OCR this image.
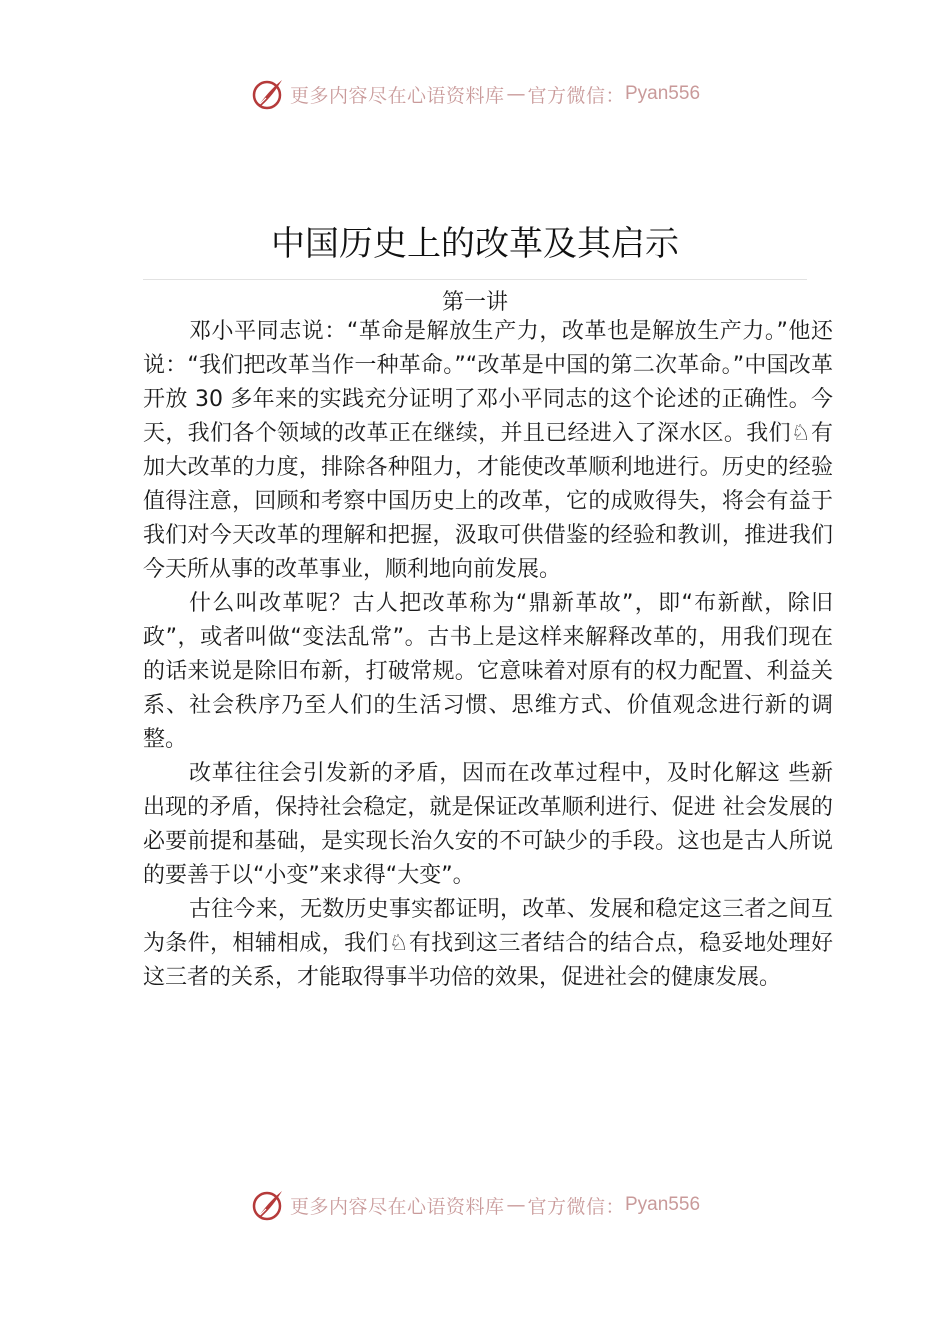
更多内容尽在心语资料库 — 官方微信： Pyan556
中国历史上的改革及其启示
第一讲

邓小平同志说：“革命是解放生产力，改革也是解放生产力。”他还说：“我们把改革当作一种革命。”“改革是中国的第二次革命。”中国改革开放 30 多年来的实践充分证明了邓小平同志的这个论述的正确性。今天，我们各个领域的改革正在继续，并且已经进入了深水区。我们♘有加大改革的力度，排除各种阻力，才能使改革顺利地进行。历史的经验值得注意，回顾和考察中国历史上的改革，它的成败得失，将会有益于我们对今天改革的理解和把握，汲取可供借鉴的经验和教训，推进我们今天所从事的改革事业，顺利地向前发展。

什么叫改革呢？古人把改革称为“鼎新革故”，即“布新猷，除旧政”，或者叫做“变法乱常”。古书上是这样来解释改革的，用我们现在的话来说是除旧布新，打破常规。它意味着对原有的权力配置、利益关系、社会秩序乃至人们的生活习惯、思维方式、价值观念进行新的调整。

改革往往会引发新的矛盾，因而在改革过程中，及时化解这 些新出现的矛盾，保持社会稳定，就是保证改革顺利进行、促进 社会发展的必要前提和基础，是实现长治久安的不可缺少的手段。这也是古人所说的要善于以“小变”来求得“大变”。

古往今来，无数历史事实都证明，改革、发展和稳定这三者之间互为条件，相辅相成，我们♘有找到这三者结合的结合点，稳妥地处理好这三者的关系，才能取得事半功倍的效果，促进社会的健康发展。

更多内容尽在心语资料库 — 官方微信： Pyan556
